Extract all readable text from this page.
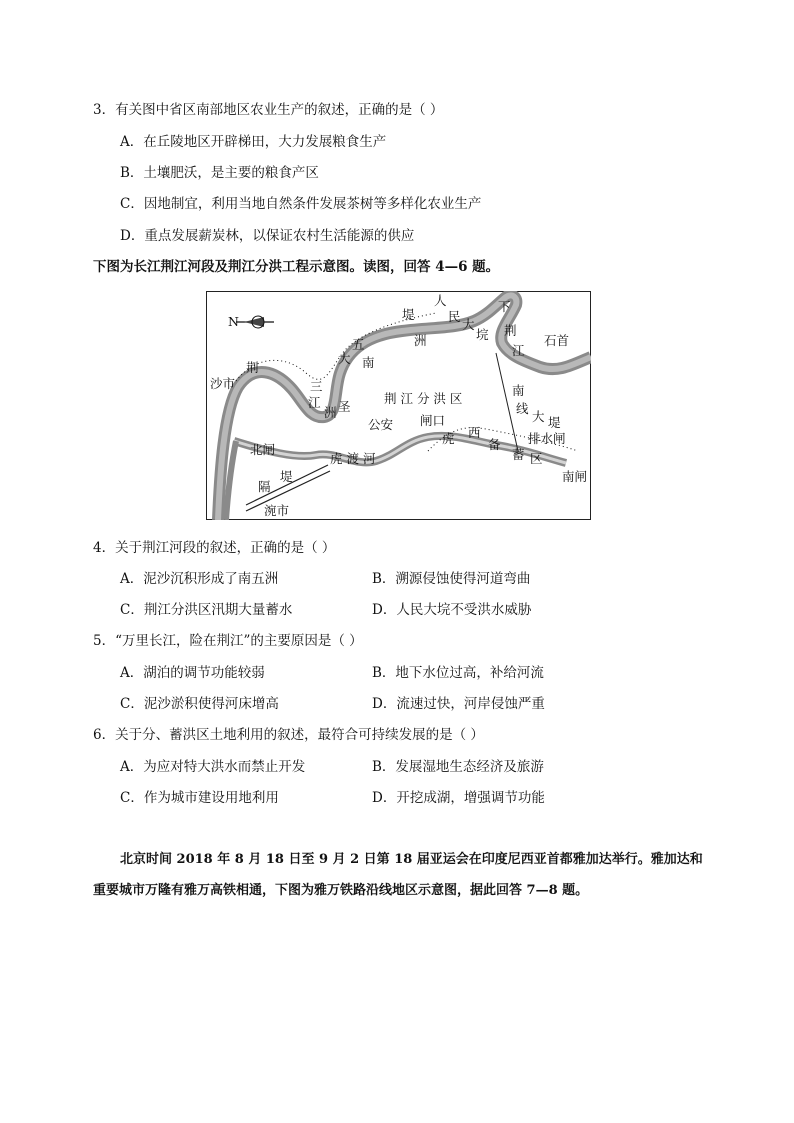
3．有关图中省区南部地区农业生产的叙述，正确的是（ ）
A．在丘陵地区开辟梯田，大力发展粮食生产
B．土壤肥沃，是主要的粮食产区
C．因地制宜，利用当地自然条件发展茶树等多样化农业生产
D．重点发展薪炭林，以保证农村生活能源的供应
下图为长江荆江河段及荆江分洪工程示意图。读图，回答 4—6 题。
N
沙市
荆
江
五	洲
大 南
堤
人
民
大
垸
下
荆
江
石首
荆 江 分 洪 区
公安 闸口
北闸
虎 渡 河
隔
堤
涴市
南
线
大 堤
排水闸
虎 西
备
蓄 区
南闸
三
洲 圣
4．关于荆江河段的叙述，正确的是（ ）
A．泥沙沉积形成了南五洲	B．溯源侵蚀使得河道弯曲
C．荆江分洪区汛期大量蓄水	D．人民大垸不受洪水威胁
5．“万里长江，险在荆江”的主要原因是（ ）
A．湖泊的调节功能较弱	B．地下水位过高，补给河流
C．泥沙淤积使得河床增高	D．流速过快，河岸侵蚀严重
6．关于分、蓄洪区土地利用的叙述，最符合可持续发展的是（ ）
A．为应对特大洪水而禁止开发	B．发展湿地生态经济及旅游
C．作为城市建设用地利用	D．开挖成湖，增强调节功能
北京时间 2018 年 8 月 18 日至 9 月 2 日第 18 届亚运会在印度尼西亚首都雅加达举行。雅加达和
重要城市万隆有雅万高铁相通，下图为雅万铁路沿线地区示意图，据此回答 7—8 题。
